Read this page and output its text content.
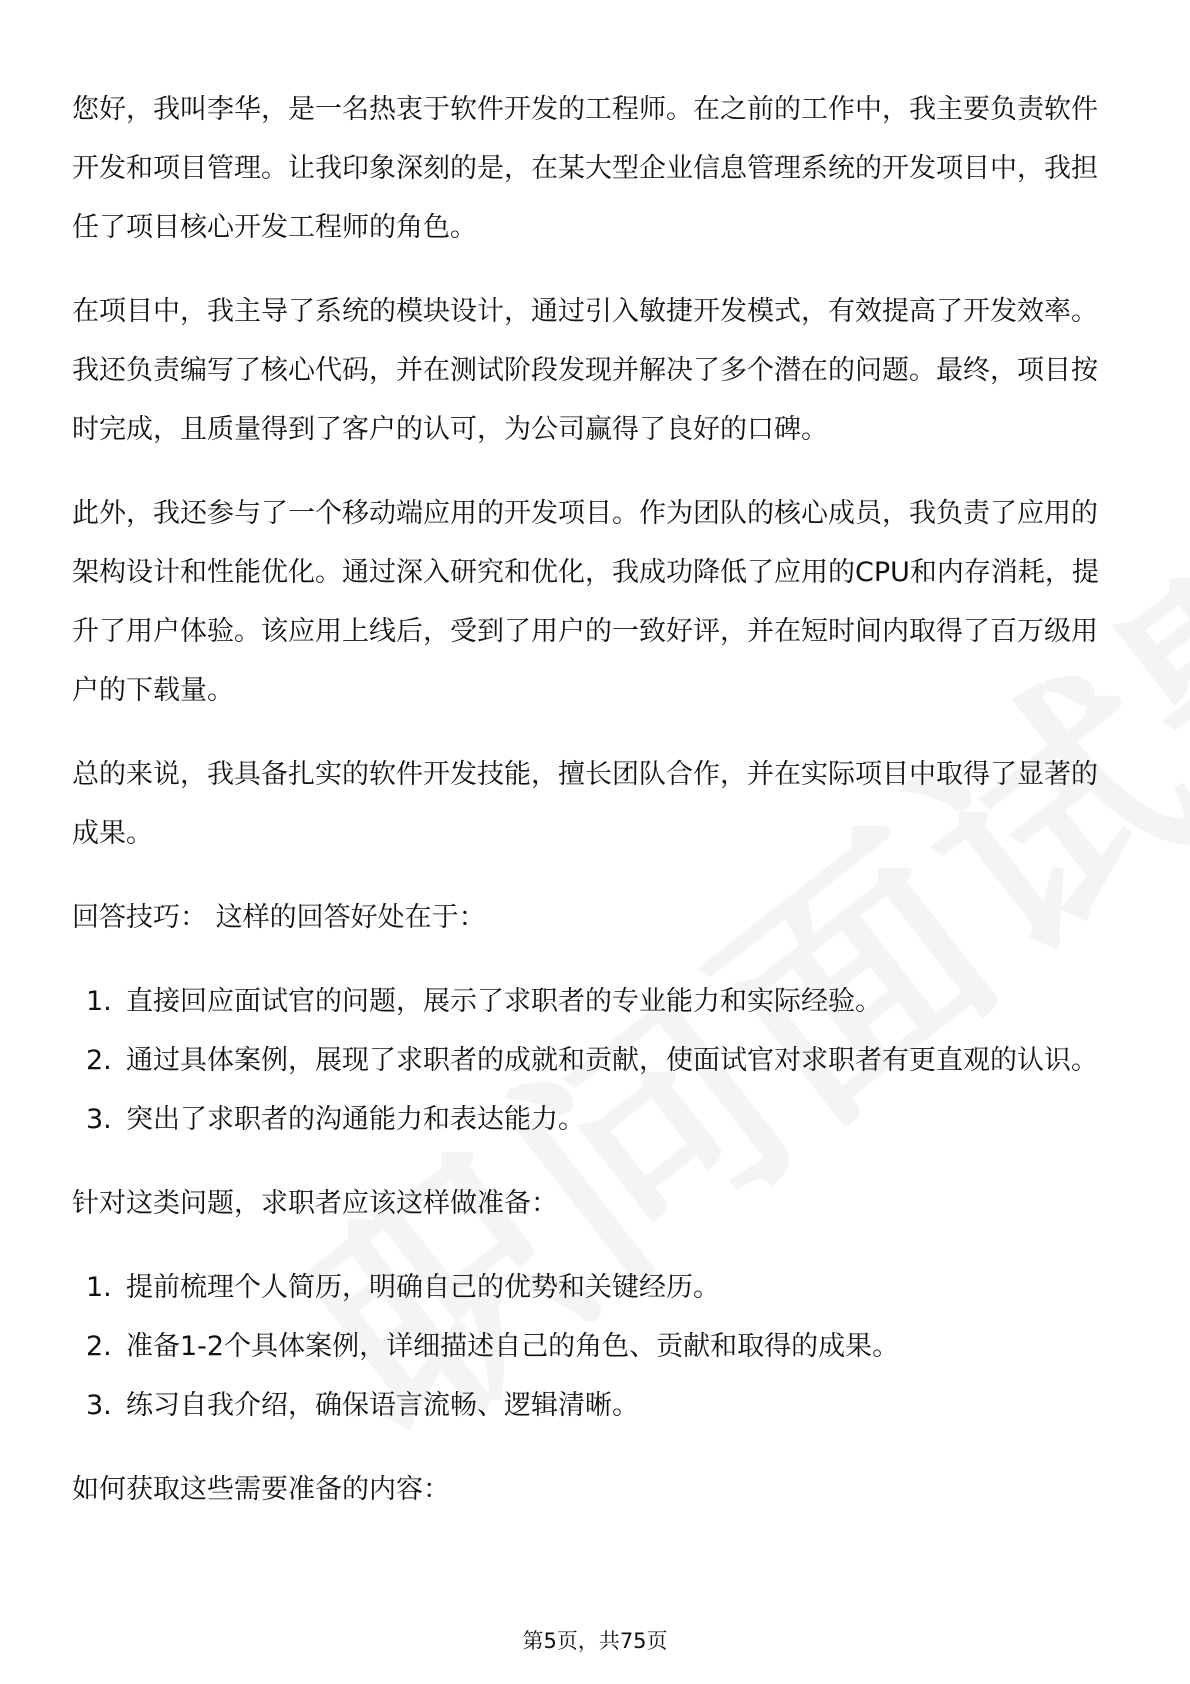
您好，我叫李华，是一名热衷于软件开发的工程师。在之前的工作中，我主要负责软件开发和项目管理。让我印象深刻的是，在某大型企业信息管理系统的开发项目中，我担任了项目核心开发工程师的角色。

在项目中，我主导了系统的模块设计，通过引入敏捷开发模式，有效提高了开发效率。我还负责编写了核心代码，并在测试阶段发现并解决了多个潜在的问题。最终，项目按时完成，且质量得到了客户的认可，为公司赢得了良好的口碑。

此外，我还参与了一个移动端应用的开发项目。作为团队的核心成员，我负责了应用的架构设计和性能优化。通过深入研究和优化，我成功降低了应用的CPU和内存消耗，提升了用户体验。该应用上线后，受到了用户的一致好评，并在短时间内取得了百万级用户的下载量。

总的来说，我具备扎实的软件开发技能，擅长团队合作，并在实际项目中取得了显著的成果。

回答技巧： 这样的回答好处在于：

1. 直接回应面试官的问题，展示了求职者的专业能力和实际经验。
2. 通过具体案例，展现了求职者的成就和贡献，使面试官对求职者有更直观的认识。
3. 突出了求职者的沟通能力和表达能力。

针对这类问题，求职者应该这样做准备：

1. 提前梳理个人简历，明确自己的优势和关键经历。
2. 准备1-2个具体案例，详细描述自己的角色、贡献和取得的成果。
3. 练习自我介绍，确保语言流畅、逻辑清晰。

如何获取这些需要准备的内容：

第5页，共75页
